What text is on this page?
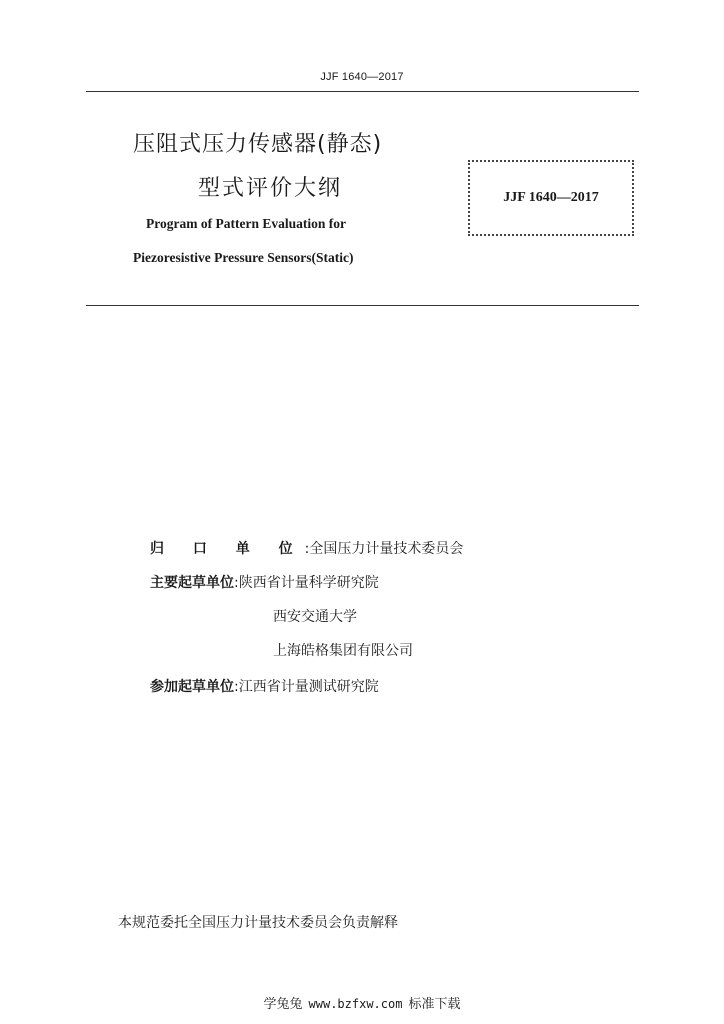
JJF 1640—2017
压阻式压力传感器(静态)
型式评价大纲
Program of Pattern Evaluation for
Piezoresistive Pressure Sensors(Static)
JJF 1640—2017
归 口 单 位:全国压力计量技术委员会
主要起草单位:陕西省计量科学研究院
西安交通大学
上海皓格集团有限公司
参加起草单位:江西省计量测试研究院
本规范委托全国压力计量技术委员会负责解释
学兔兔 www.bzfxw.com 标准下载
